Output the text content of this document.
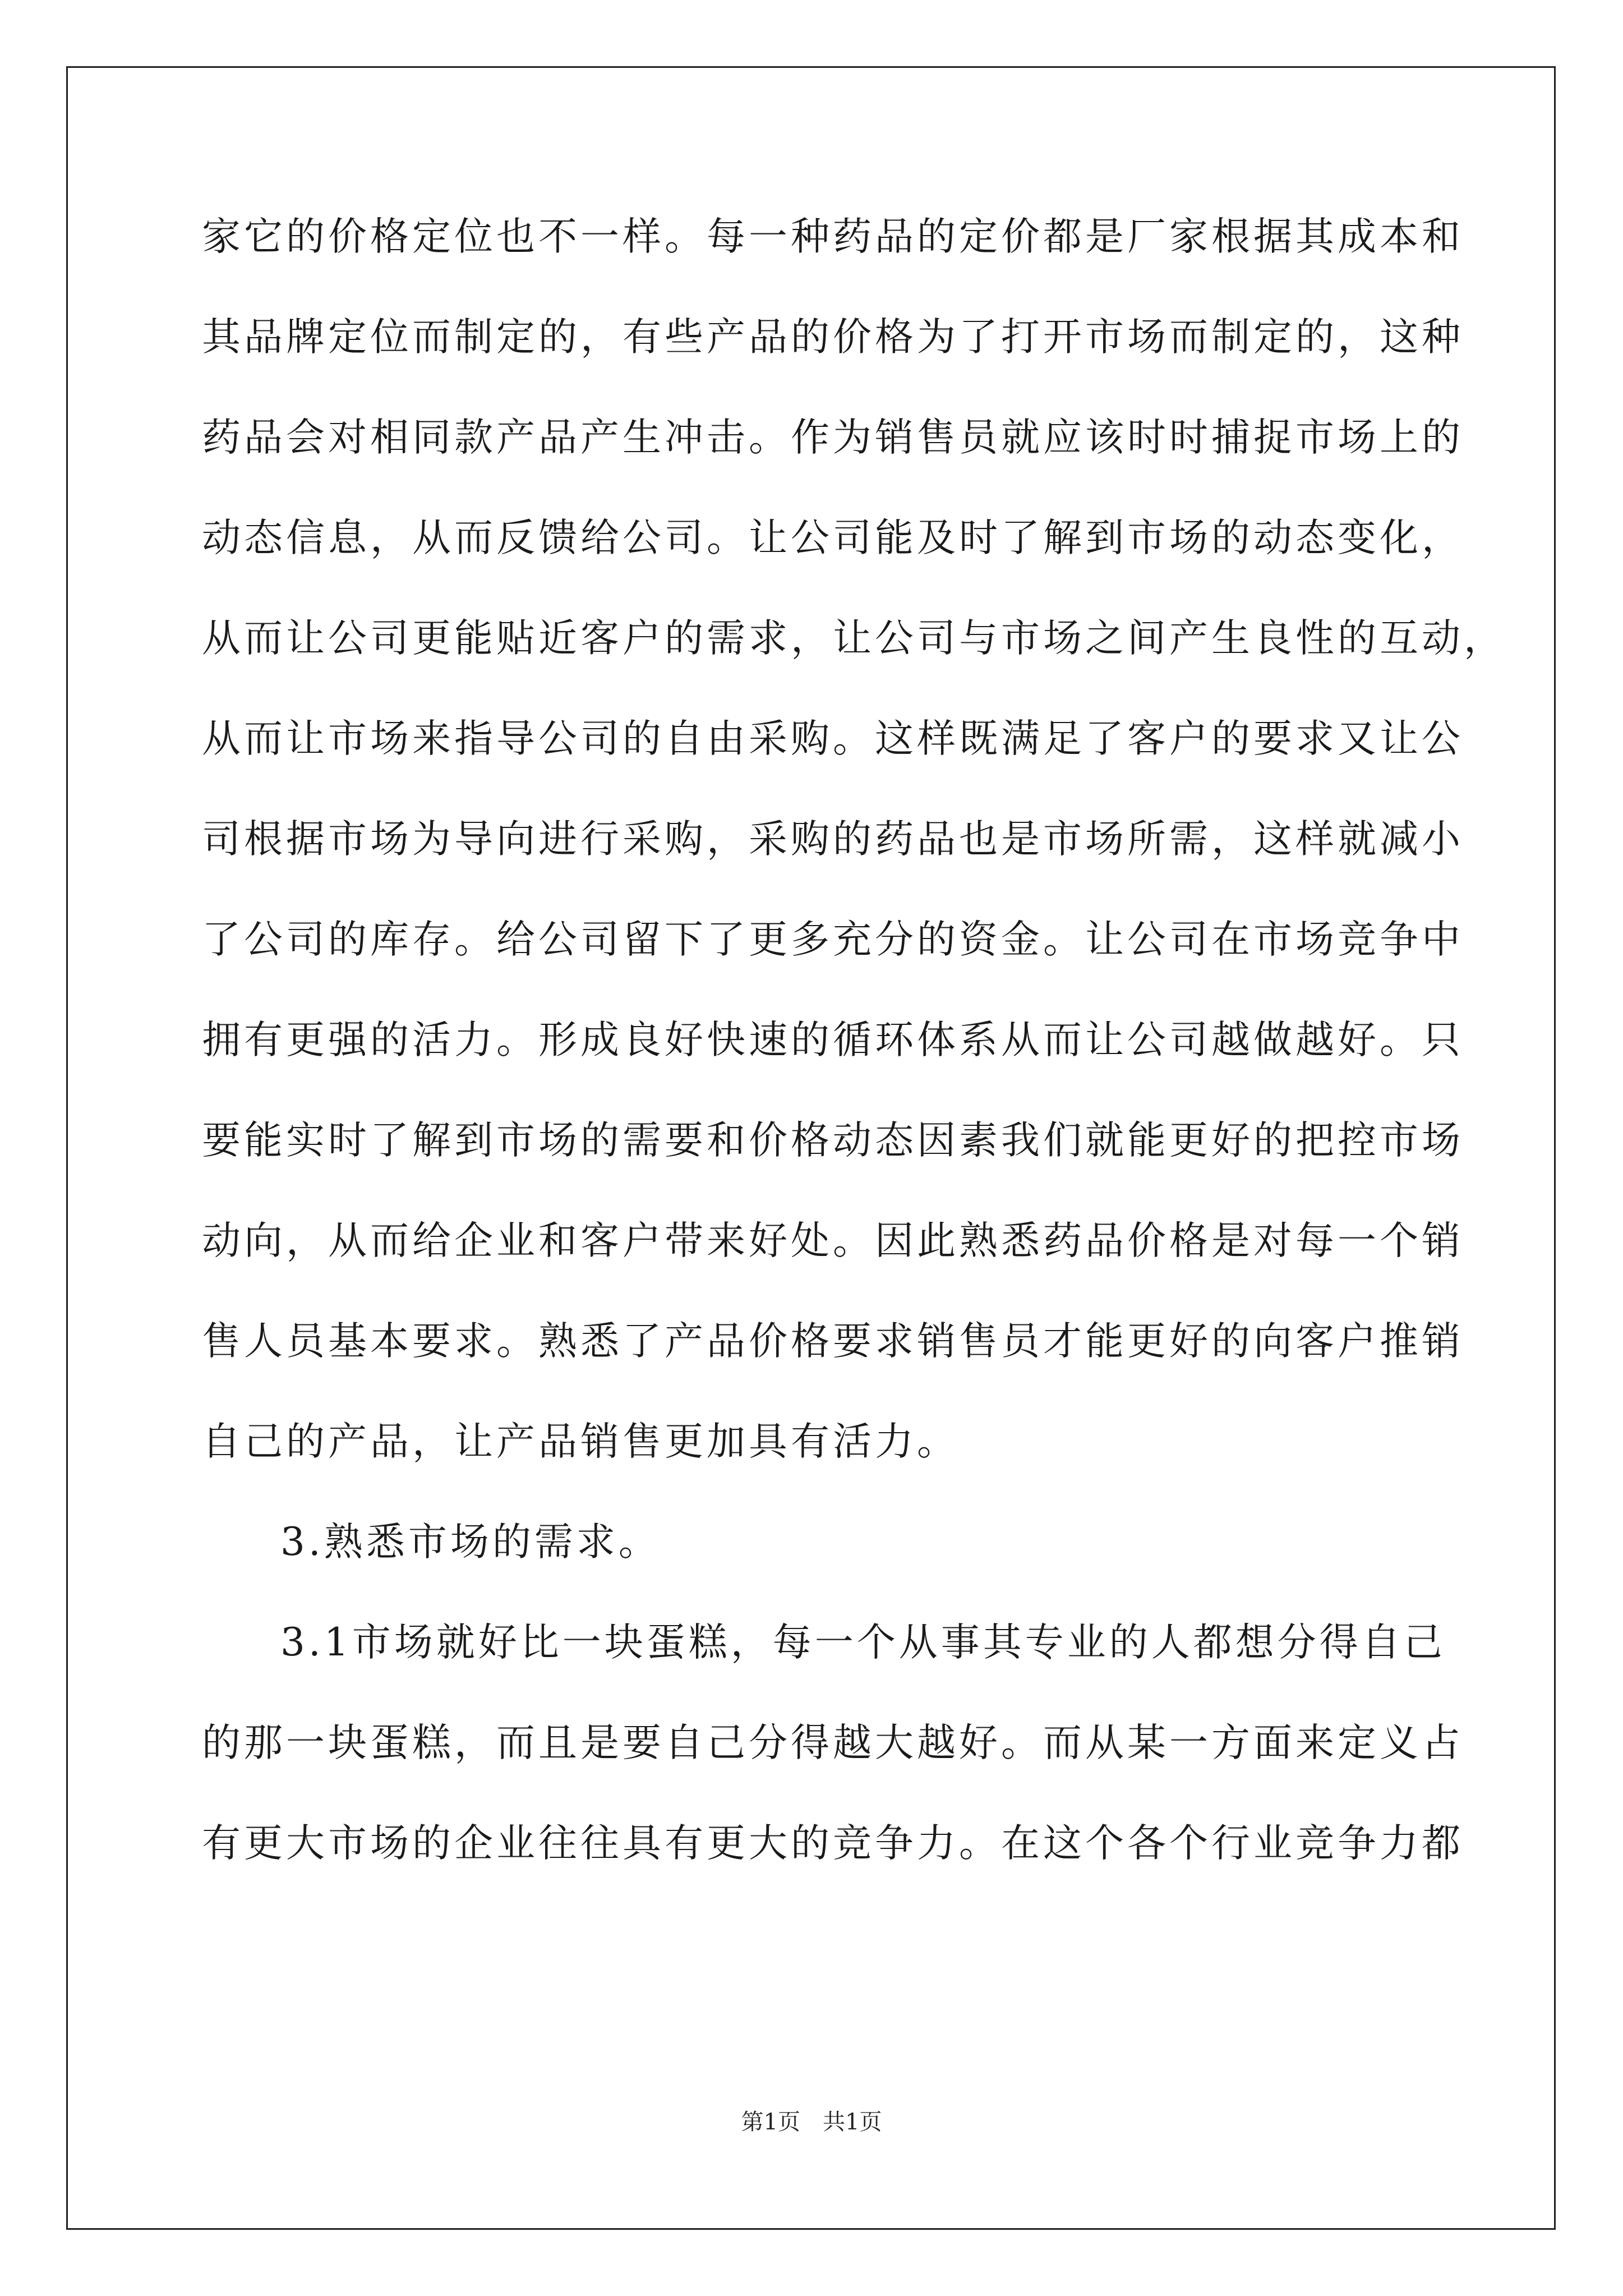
家它的价格定位也不一样。每一种药品的定价都是厂家根据其成本和
其品牌定位而制定的，有些产品的价格为了打开市场而制定的，这种
药品会对相同款产品产生冲击。作为销售员就应该时时捕捉市场上的
动态信息，从而反馈给公司。让公司能及时了解到市场的动态变化，
从而让公司更能贴近客户的需求，让公司与市场之间产生良性的互动，
从而让市场来指导公司的自由采购。这样既满足了客户的要求又让公
司根据市场为导向进行采购，采购的药品也是市场所需，这样就减小
了公司的库存。给公司留下了更多充分的资金。让公司在市场竞争中
拥有更强的活力。形成良好快速的循环体系从而让公司越做越好。只
要能实时了解到市场的需要和价格动态因素我们就能更好的把控市场
动向，从而给企业和客户带来好处。因此熟悉药品价格是对每一个销
售人员基本要求。熟悉了产品价格要求销售员才能更好的向客户推销
自己的产品，让产品销售更加具有活力。
3.熟悉市场的需求。
3.1市场就好比一块蛋糕，每一个从事其专业的人都想分得自己
的那一块蛋糕，而且是要自己分得越大越好。而从某一方面来定义占
有更大市场的企业往往具有更大的竞争力。在这个各个行业竞争力都
第1页　共1页
